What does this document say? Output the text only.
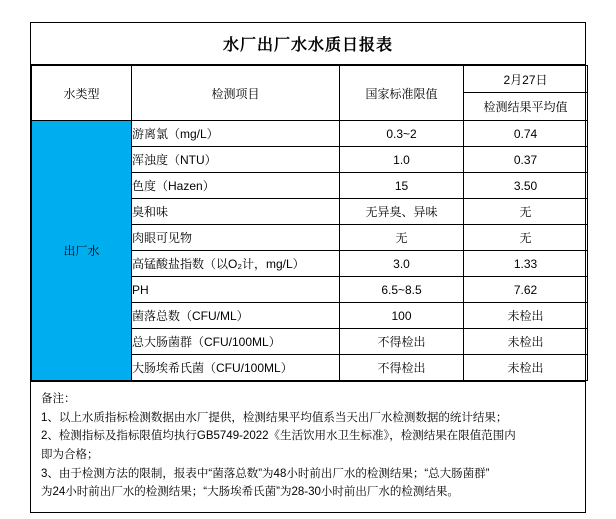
水厂出厂水水质日报表
水类型	检测项目	国家标准限值	2月27日
			检测结果平均值
出厂水	游离氯（mg/L）	0.3~2	0.74
	浑浊度（NTU）	1.0	0.37
	色度（Hazen）	15	3.50
	臭和味	无异臭、异味	无
	肉眼可见物	无	无
	高锰酸盐指数（以O₂计，mg/L）	3.0	1.33
	PH	6.5~8.5	7.62
	菌落总数（CFU/ML）	100	未检出
	总大肠菌群（CFU/100ML）	不得检出	未检出
	大肠埃希氏菌（CFU/100ML）	不得检出	未检出
备注：
1、以上水质指标检测数据由水厂提供，检测结果平均值系当天出厂水检测数据的统计结果；
2、检测指标及指标限值均执行GB5749-2022《生活饮用水卫生标准》，检测结果在限值范围内
即为合格；
3、由于检测方法的限制，报表中“菌落总数”为48小时前出厂水的检测结果；“总大肠菌群”
为24小时前出厂水的检测结果；“大肠埃希氏菌”为28-30小时前出厂水的检测结果。
